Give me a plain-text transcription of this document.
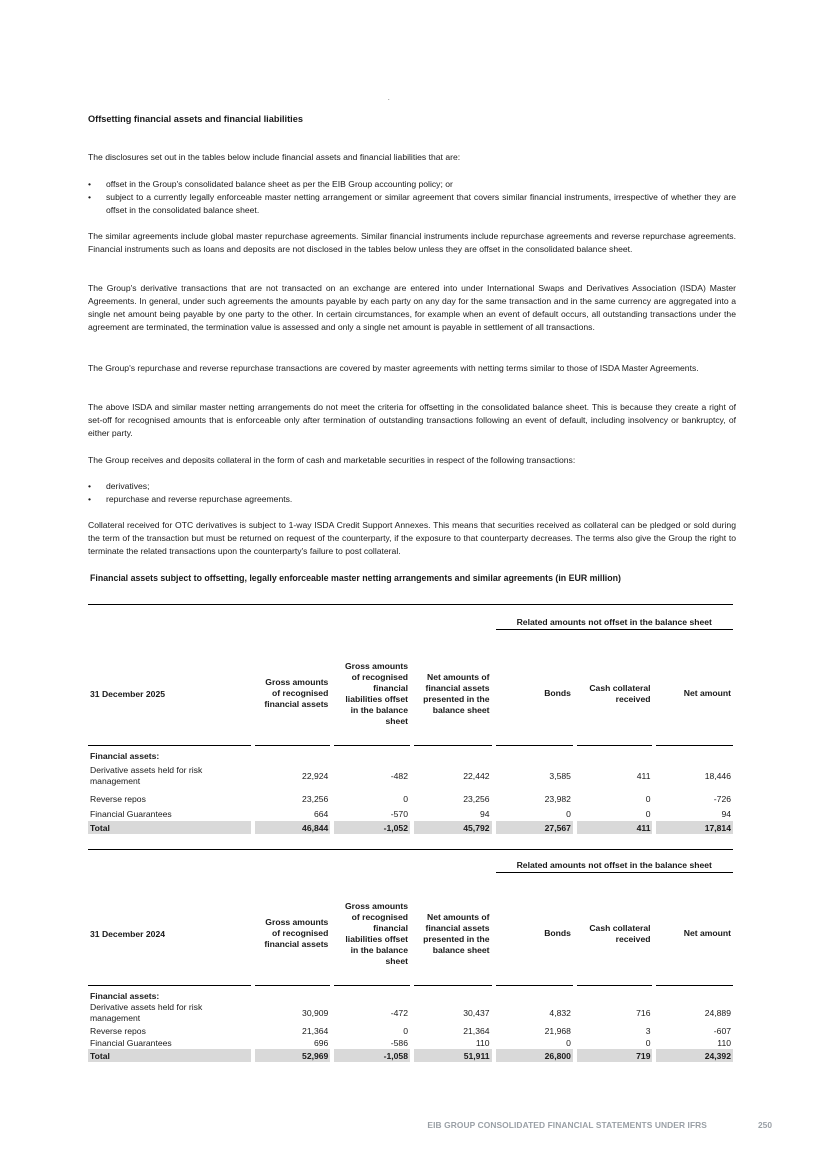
.
Offsetting financial assets and financial liabilities

The disclosures set out in the tables below include financial assets and financial liabilities that are:

• offset in the Group's consolidated balance sheet as per the EIB Group accounting policy; or
• subject to a currently legally enforceable master netting arrangement or similar agreement that covers similar financial instruments, irrespective of whether they are offset in the consolidated balance sheet.

The similar agreements include global master repurchase agreements. Similar financial instruments include repurchase agreements and reverse repurchase agreements. Financial instruments such as loans and deposits are not disclosed in the tables below unless they are offset in the consolidated balance sheet.

The Group's derivative transactions that are not transacted on an exchange are entered into under International Swaps and Derivatives Association (ISDA) Master Agreements. In general, under such agreements the amounts payable by each party on any day for the same transaction and in the same currency are aggregated into a single net amount being payable by one party to the other. In certain circumstances, for example when an event of default occurs, all outstanding transactions under the agreement are terminated, the termination value is assessed and only a single net amount is payable in settlement of all transactions.

The Group's repurchase and reverse repurchase transactions are covered by master agreements with netting terms similar to those of ISDA Master Agreements.

The above ISDA and similar master netting arrangements do not meet the criteria for offsetting in the consolidated balance sheet. This is because they create a right of set-off for recognised amounts that is enforceable only after termination of outstanding transactions following an event of default, including insolvency or bankruptcy, of either party.

The Group receives and deposits collateral in the form of cash and marketable securities in respect of the following transactions:

• derivatives;
• repurchase and reverse repurchase agreements.

Collateral received for OTC derivatives is subject to 1-way ISDA Credit Support Annexes. This means that securities received as collateral can be pledged or sold during the term of the transaction but must be returned on request of the counterparty, if the exposure to that counterparty decreases. The terms also give the Group the right to terminate the related transactions upon the counterparty's failure to post collateral.

Financial assets subject to offsetting, legally enforceable master netting arrangements and similar agreements (in EUR million)

								Related amounts not offset in the balance sheet				

31 December 2025		Gross amounts of recognised financial assets		Gross amounts of recognised financial liabilities offset in the balance sheet		Net amounts of financial assets presented in the balance sheet		Bonds		Cash collateral received		Net amount
Financial assets:												
Derivative assets held for risk management		22,924		-482		22,442		3,585		411		18,446
Reverse repos		23,256		0		23,256		23,982		0		-726
Financial Guarantees		664		-570		94		0		0		94
Total		46,844		-1,052		45,792		27,567		411		17,814

								Related amounts not offset in the balance sheet				

31 December 2024		Gross amounts of recognised financial assets		Gross amounts of recognised financial liabilities offset in the balance sheet		Net amounts of financial assets presented in the balance sheet		Bonds		Cash collateral received		Net amount
Financial assets:												
Derivative assets held for risk management		30,909		-472		30,437		4,832		716		24,889
Reverse repos		21,364		0		21,364		21,968		3		-607
Financial Guarantees		696		-586		110		0		0		110
Total		52,969		-1,058		51,911		26,800		719		24,392
EIB GROUP CONSOLIDATED FINANCIAL STATEMENTS UNDER IFRS	250
